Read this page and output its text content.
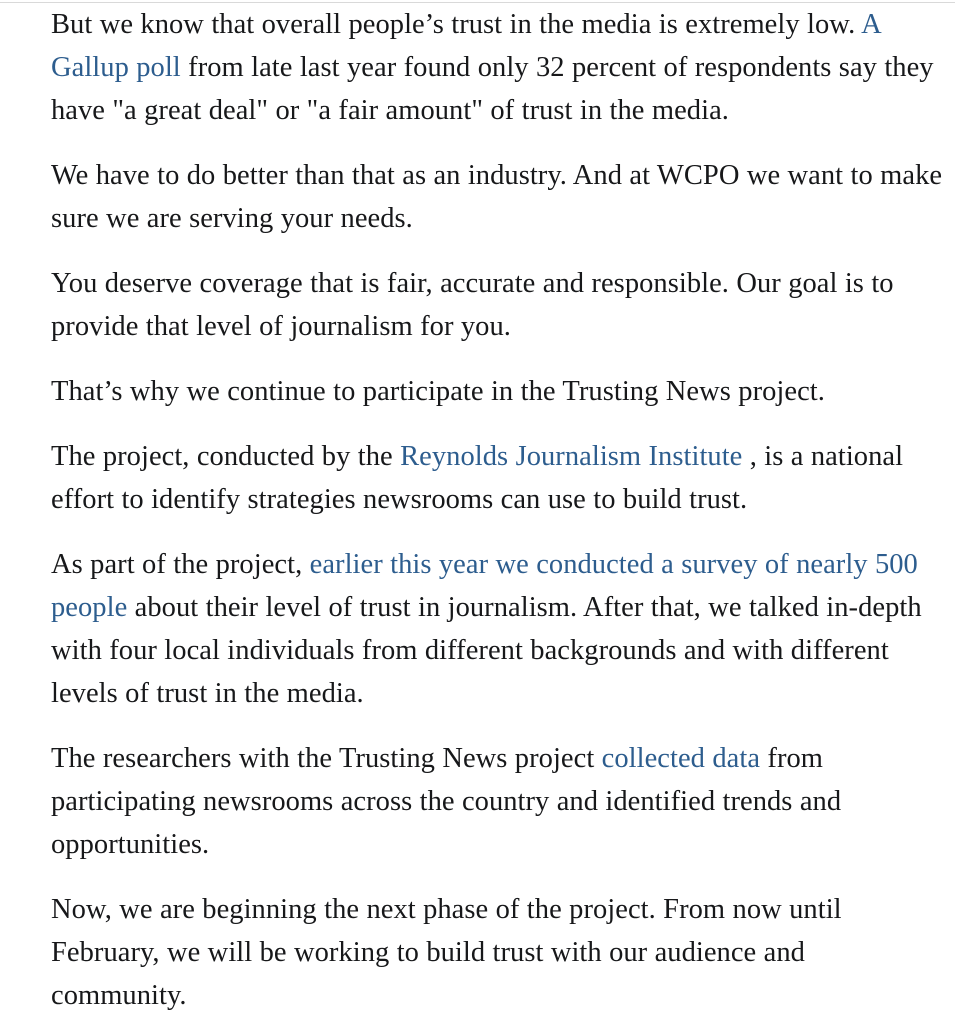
But we know that overall people’s trust in the media is extremely low. A Gallup poll from late last year found only 32 percent of respondents say they have "a great deal" or "a fair amount" of trust in the media.

We have to do better than that as an industry. And at WCPO we want to make sure we are serving your needs.

You deserve coverage that is fair, accurate and responsible. Our goal is to provide that level of journalism for you.

That’s why we continue to participate in the Trusting News project.

The project, conducted by the Reynolds Journalism Institute , is a national effort to identify strategies newsrooms can use to build trust.

As part of the project, earlier this year we conducted a survey of nearly 500 people about their level of trust in journalism. After that, we talked in-depth with four local individuals from different backgrounds and with different levels of trust in the media.

The researchers with the Trusting News project collected data from participating newsrooms across the country and identified trends and opportunities.

Now, we are beginning the next phase of the project. From now until February, we will be working to build trust with our audience and community.
